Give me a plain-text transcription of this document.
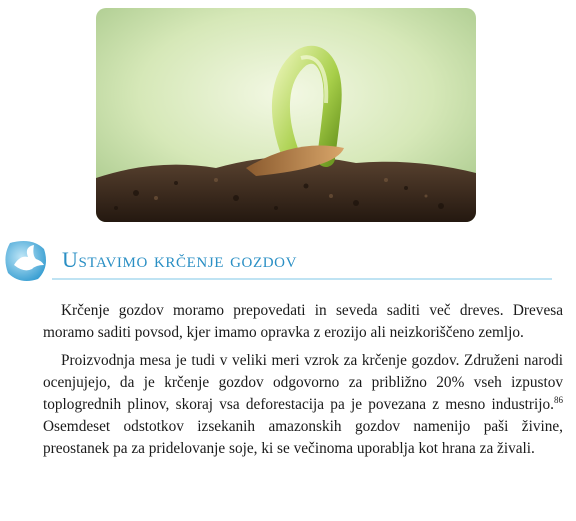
Ustavimo krčenje gozdov

Krčenje gozdov moramo prepovedati in seveda saditi več dreves. Drevesa moramo saditi povsod, kjer imamo opravka z erozijo ali neizkoriščeno zemljo.

Proizvodnja mesa je tudi v veliki meri vzrok za krčenje gozdov. Združeni narodi ocenjujejo, da je krčenje gozdov odgovorno za približno 20% vseh izpustov toplogrednih plinov, skoraj vsa deforestacija pa je povezana z mesno industrijo.$^{86}$ Osemdeset odstotkov izsekanih amazonskih gozdov namenijo paši živine, preostanek pa za pridelovanje soje, ki se večinoma uporablja kot hrana za živali.
